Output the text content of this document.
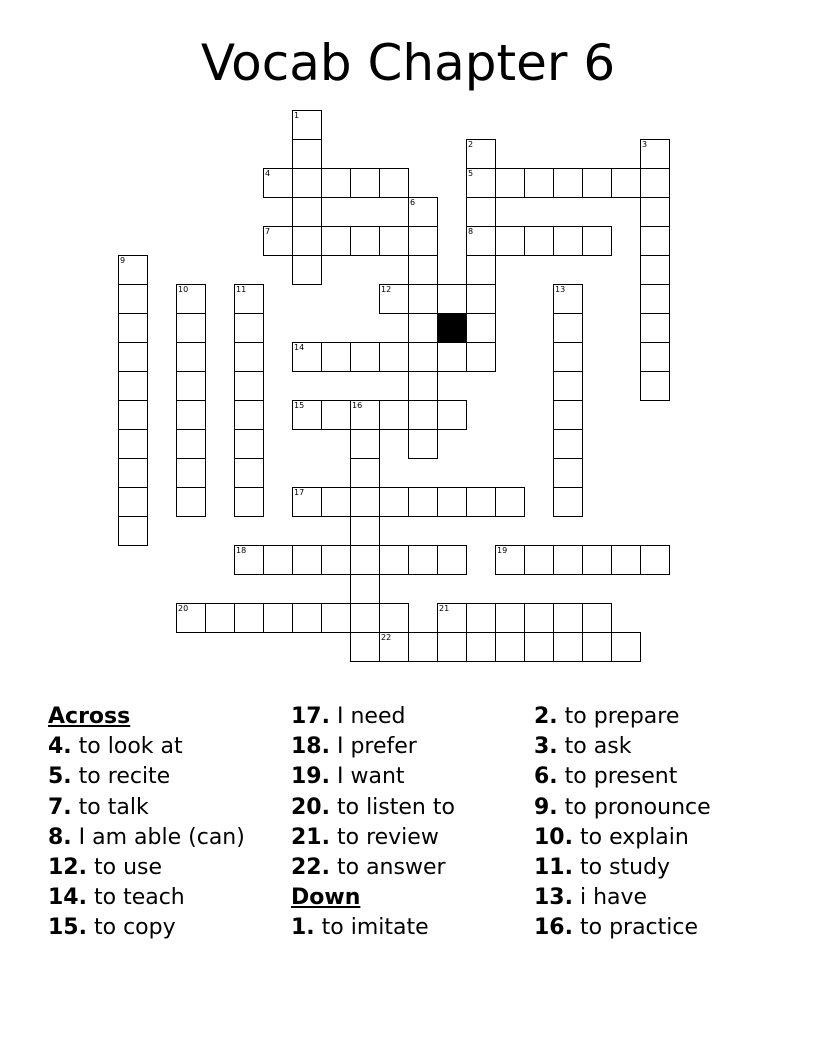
Vocab Chapter 6
1
2	3
4	5
6
7	8
9
10	11	12	13
14
15	16
17
18	19
20	21
22
Across
4. to look at
5. to recite
7. to talk
8. I am able (can)
12. to use
14. to teach
15. to copy
17. I need
18. I prefer
19. I want
20. to listen to
21. to review
22. to answer
Down
1. to imitate
2. to prepare
3. to ask
6. to present
9. to pronounce
10. to explain
11. to study
13. i have
16. to practice
